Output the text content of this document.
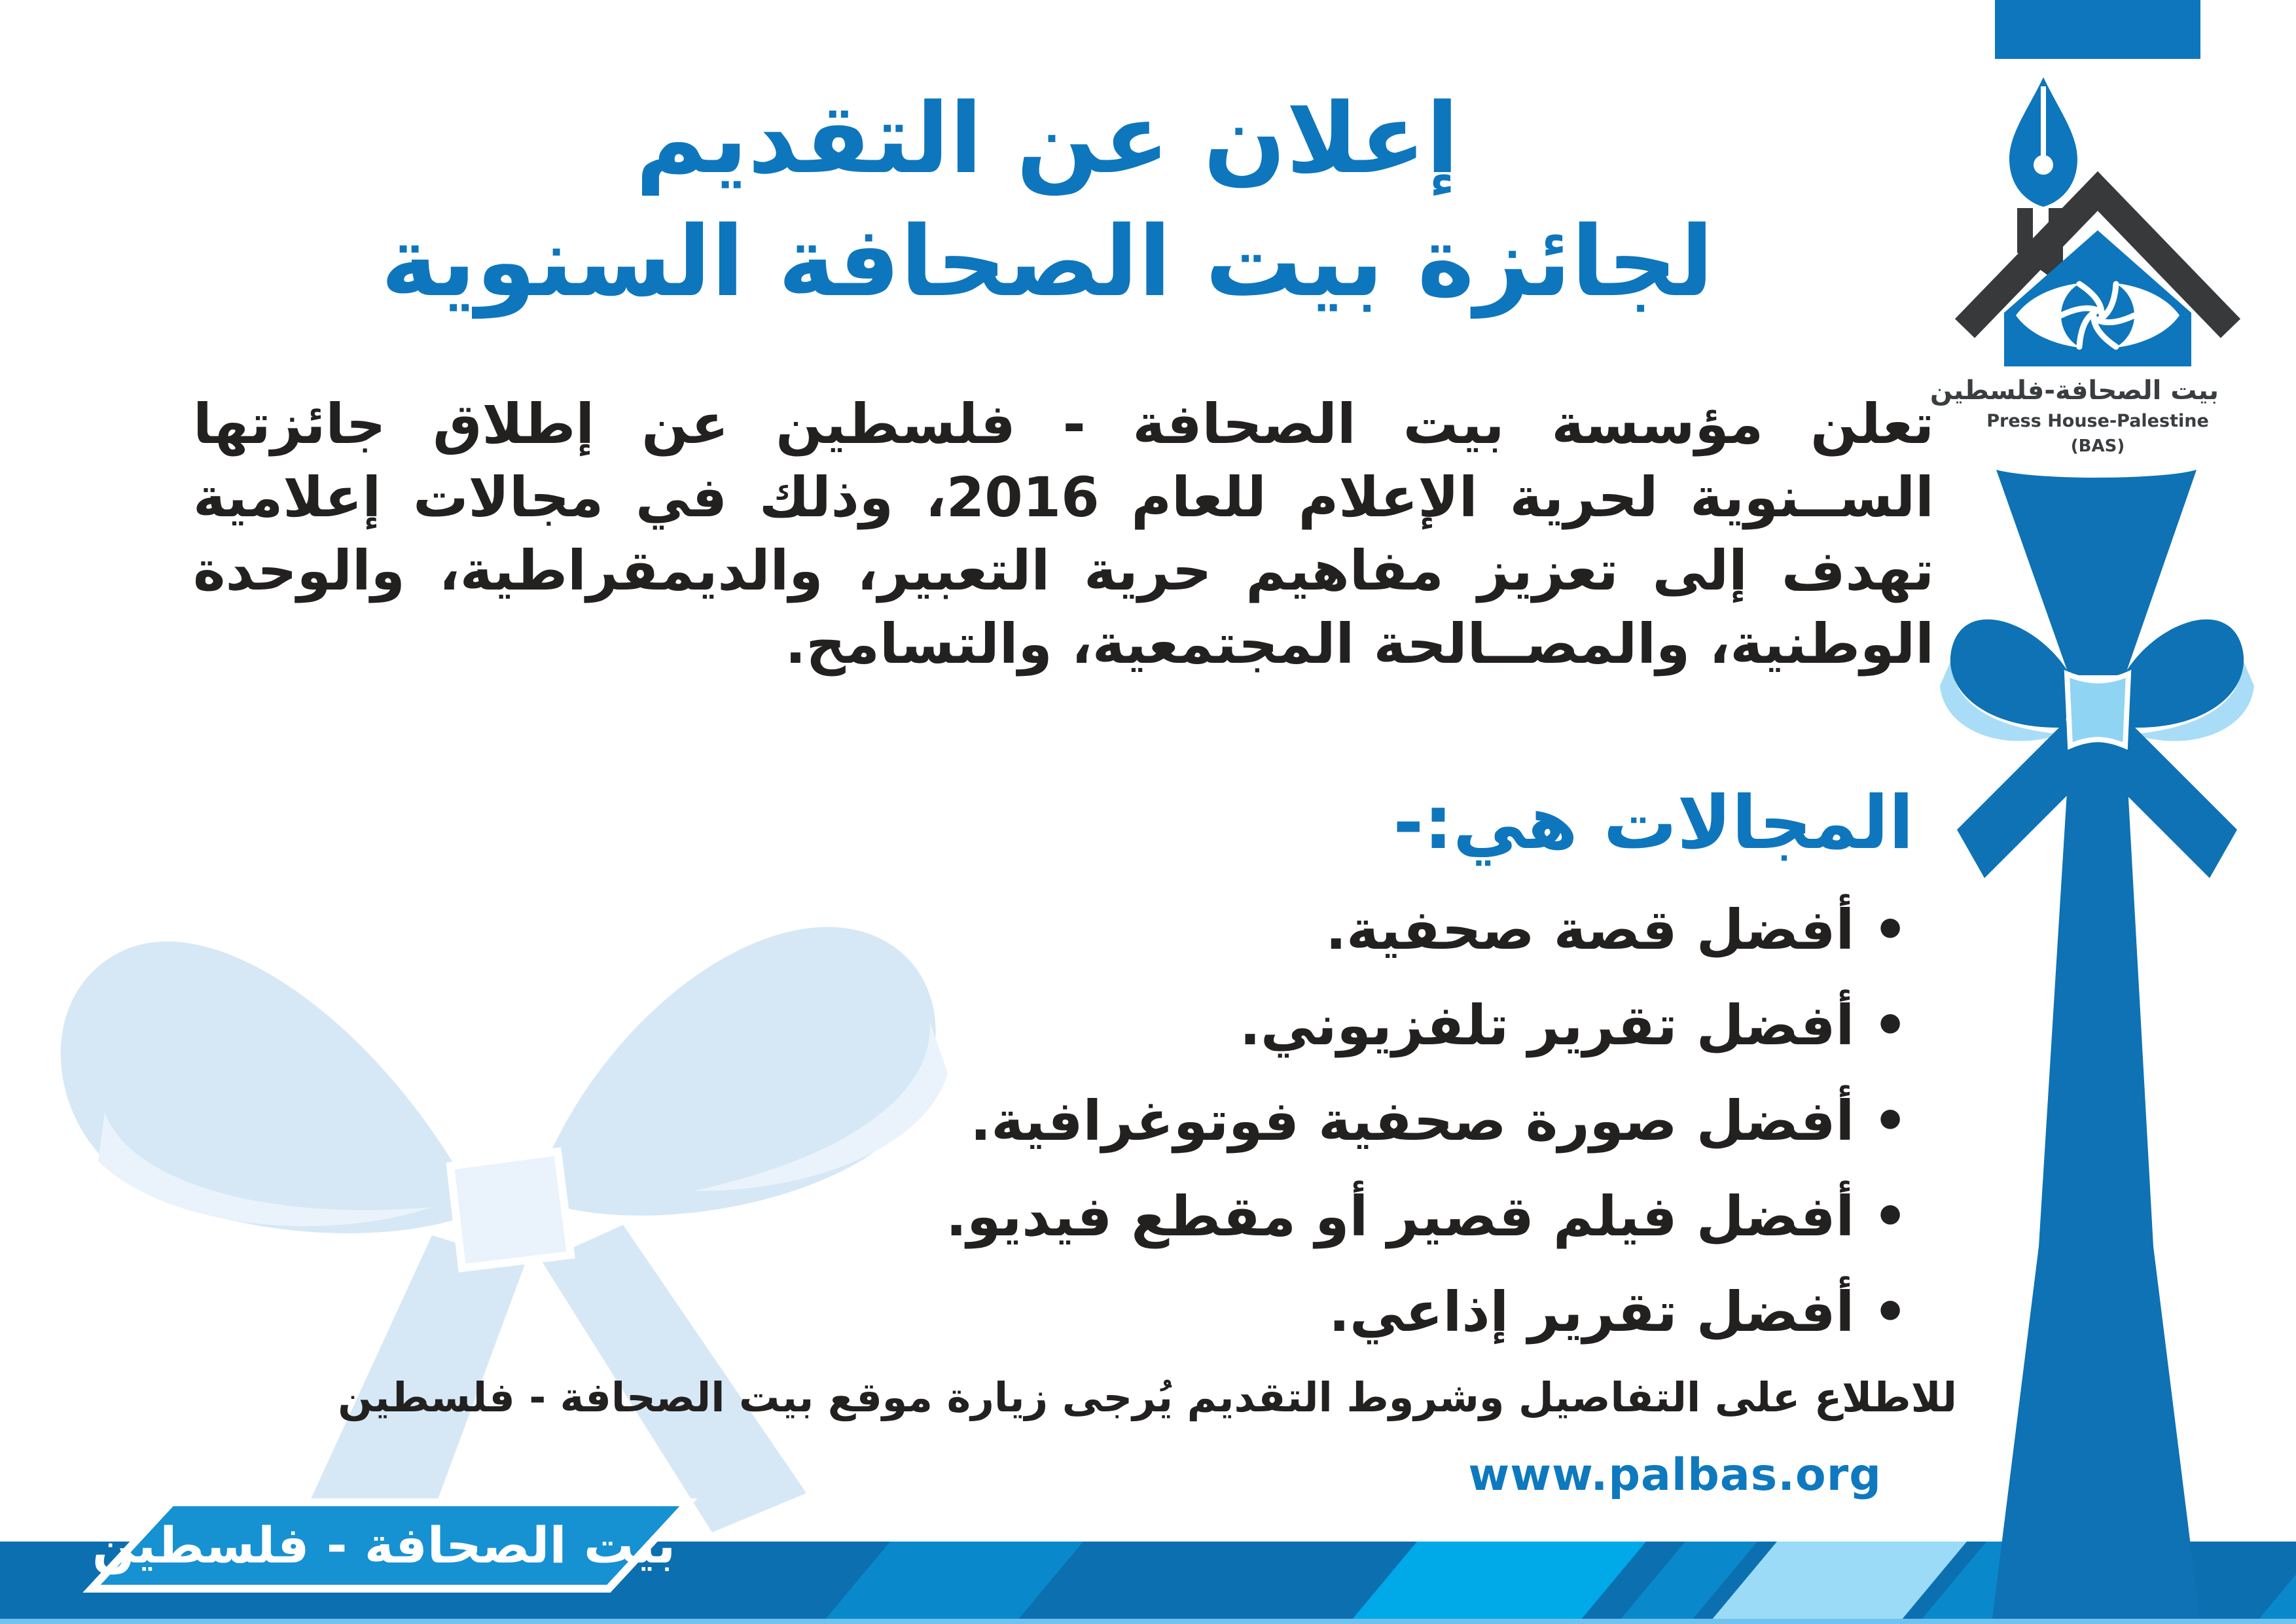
إعلان عن التقديم
لجائزة بيت الصحافة السنوية
تعلن مؤسسة بيت الصحافة - فلسطين عن إطلاق جائزتها الســنوية لحرية الإعلام للعام 2016، وذلك في مجالات إعلامية تهدف إلى تعزيز مفاهيم حرية التعبير، والديمقراطية، والوحدة الوطنية، والمصــالحة المجتمعية، والتسامح.
المجالات هي:-
•أفضل قصة صحفية.
•أفضل تقرير تلفزيوني.
•أفضل صورة صحفية فوتوغرافية.
•أفضل فيلم قصير أو مقطع فيديو.
•أفضل تقرير إذاعي.
للاطلاع على التفاصيل وشروط التقديم يُرجى زيارة موقع بيت الصحافة - فلسطين
www.palbas.org
بيت الصحافة - فلسطين
بيت الصحافة-فلسطين
Press House-Palestine
(BAS)
